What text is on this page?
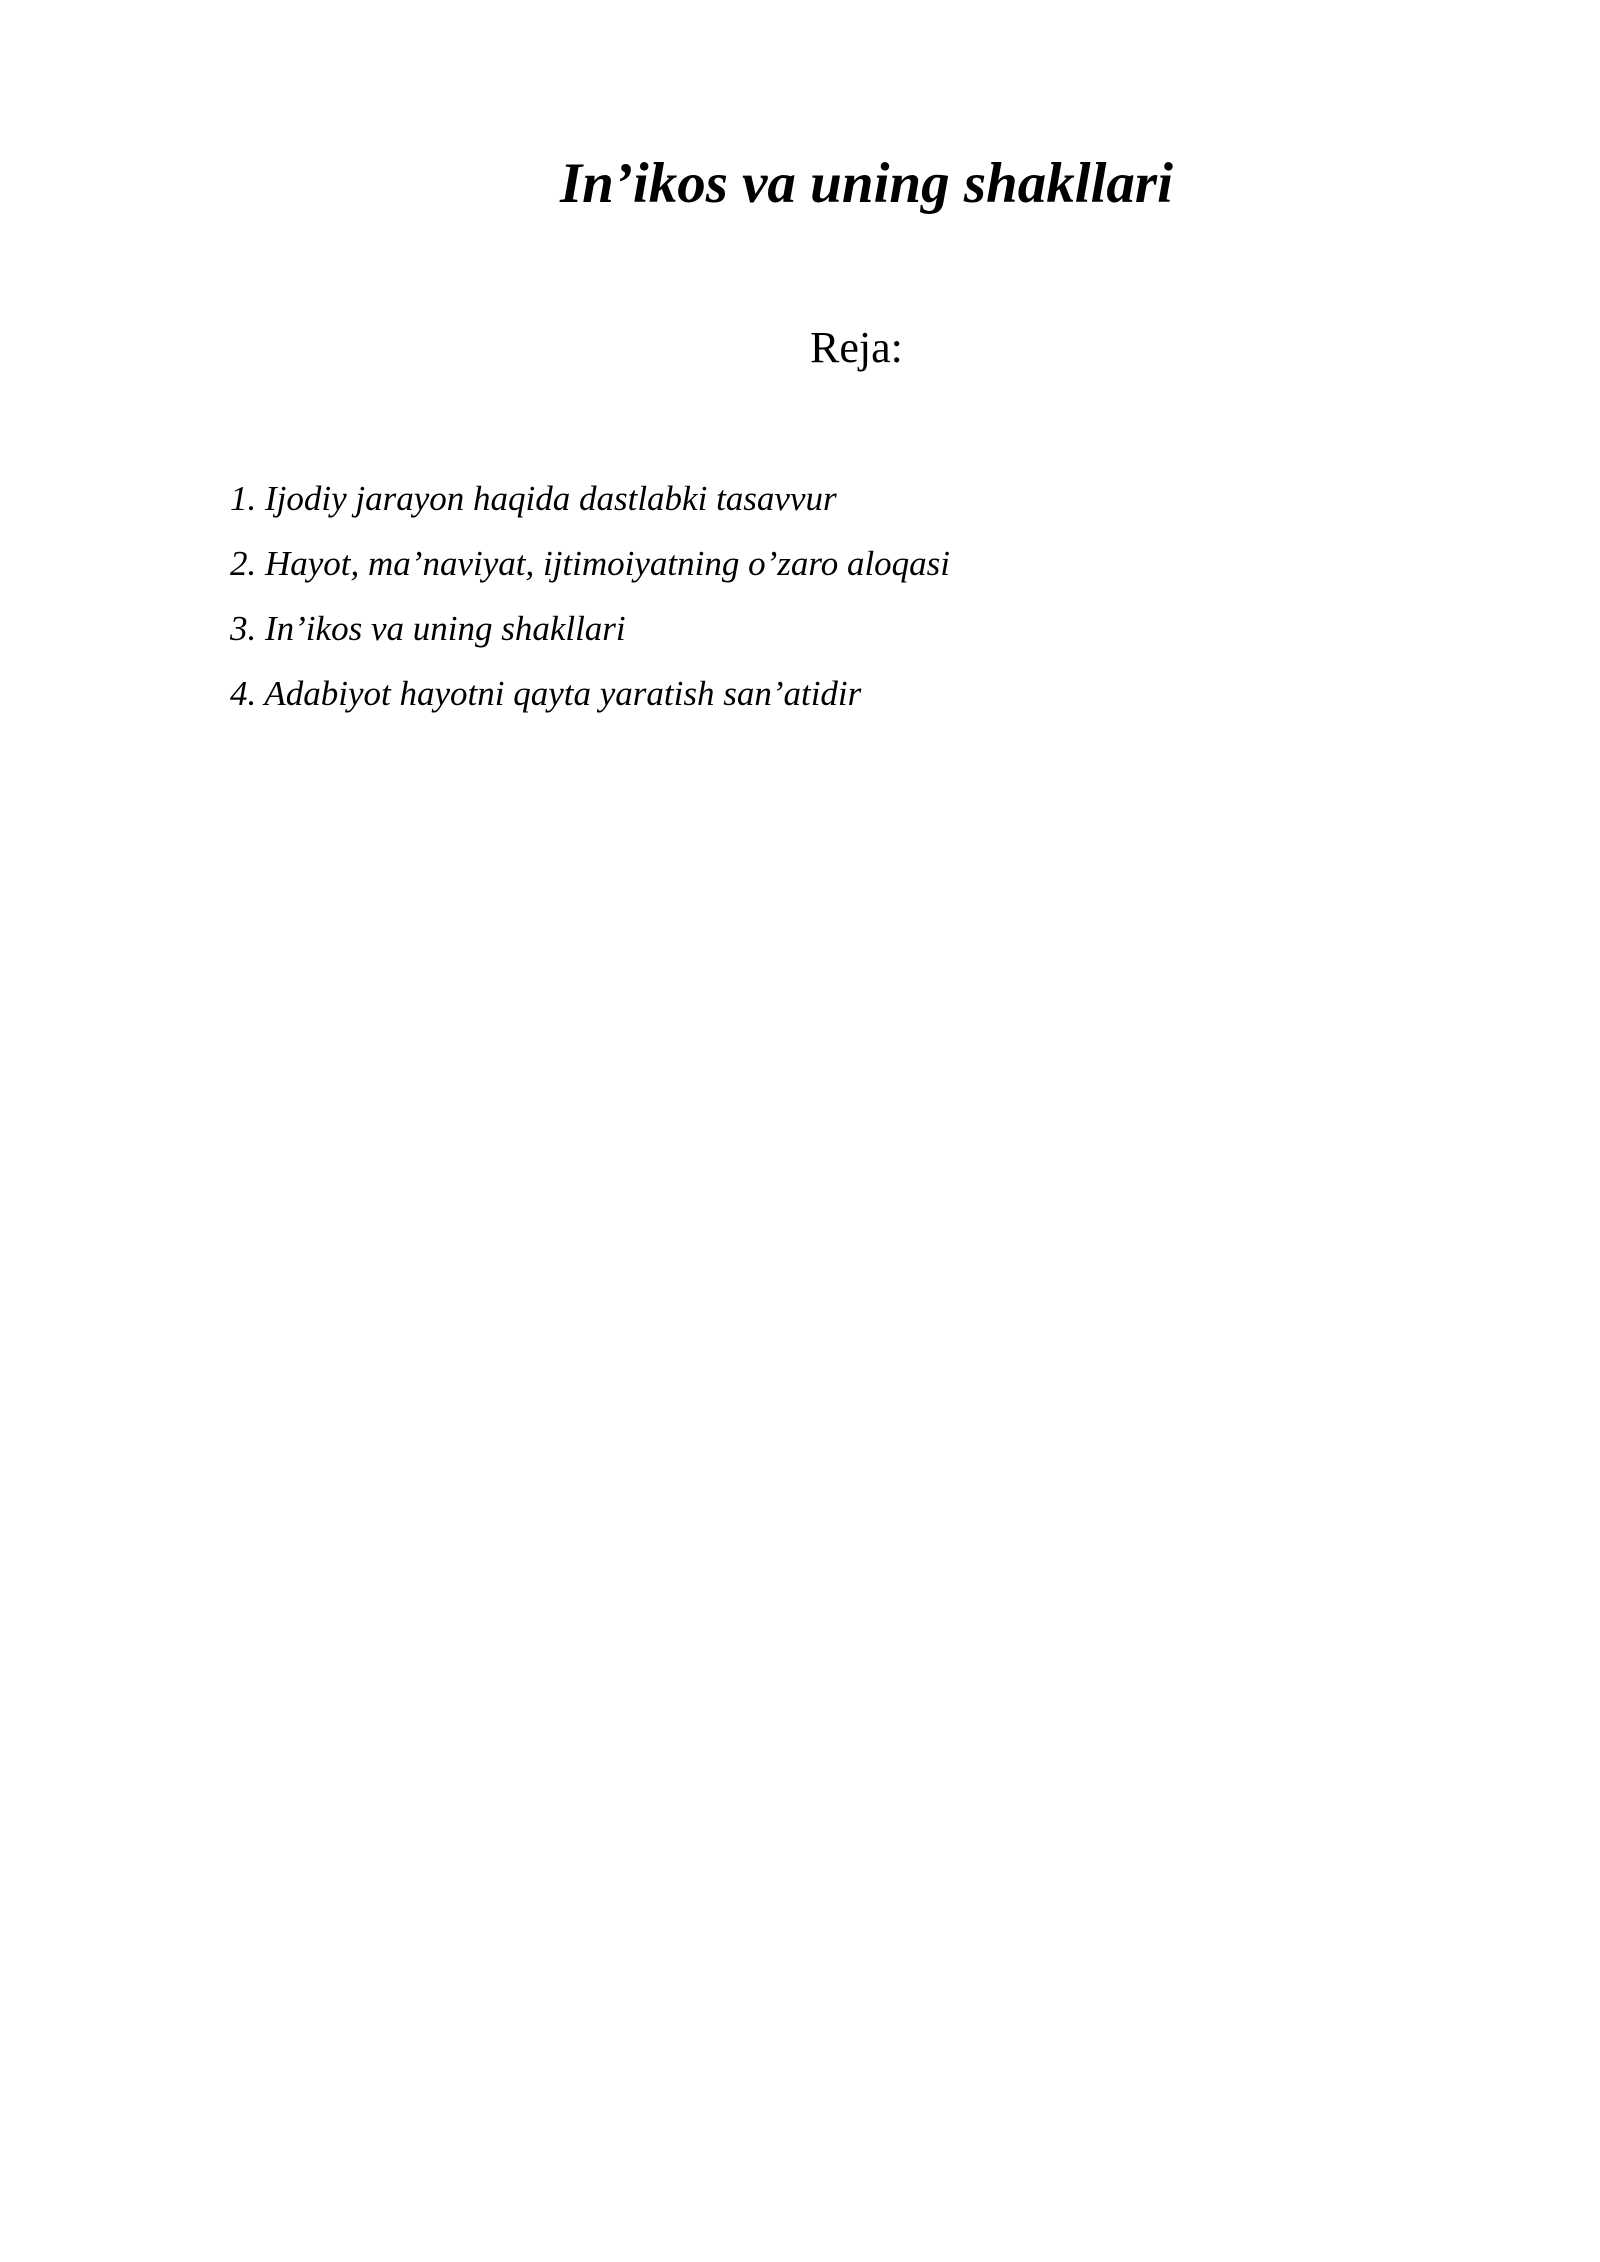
In’ikos va uning shakllari
Reja:
1. Ijodiy jarayon haqida dastlabki tasavvur
2. Hayot, ma’naviyat, ijtimoiyatning o’zaro aloqasi
3. In’ikos va uning shakllari
4. Adabiyot hayotni qayta yaratish san’atidir
